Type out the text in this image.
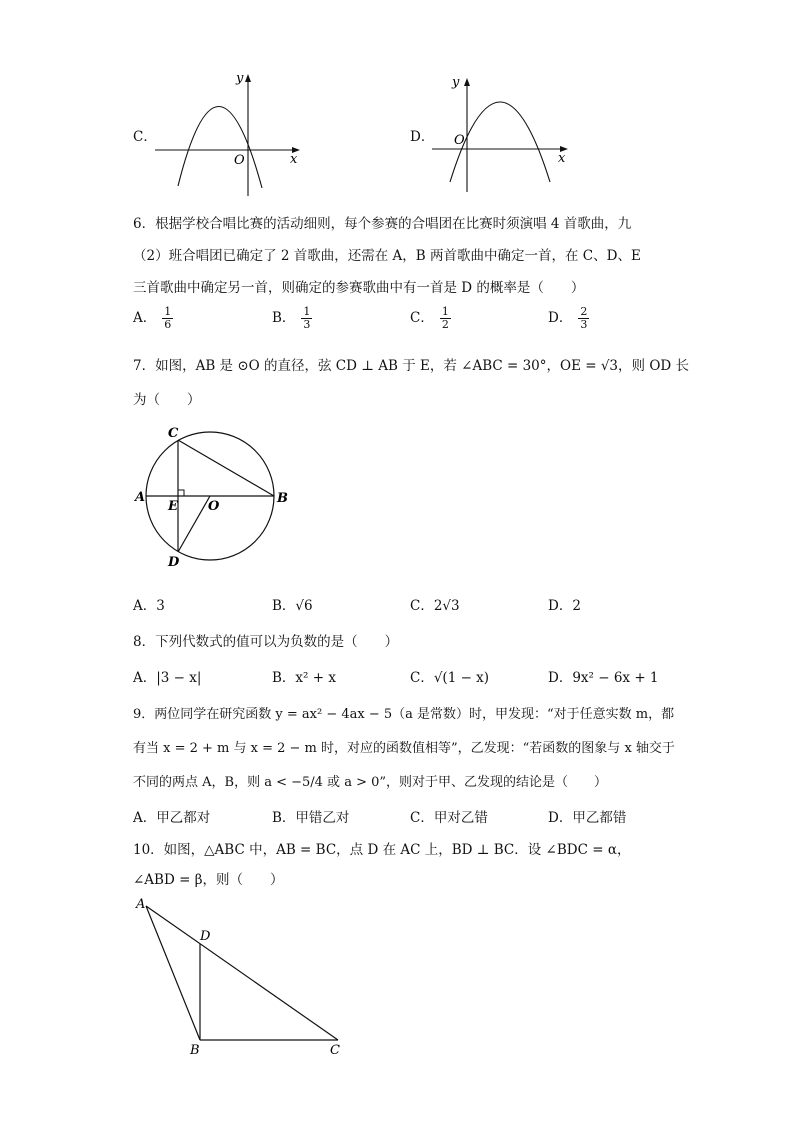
C．
y
x
O
D．
y
x
O
6．根据学校合唱比赛的活动细则，每个参赛的合唱团在比赛时须演唱 4 首歌曲，九
（2）班合唱团已确定了 2 首歌曲，还需在 A，B 两首歌曲中确定一首，在 C、D、E
三首歌曲中确定另一首，则确定的参赛歌曲中有一首是 D 的概率是（　　）
A． $\frac{1}{6}$	B． $\frac{1}{3}$	C． $\frac{1}{2}$	D． $\frac{2}{3}$
7．如图，AB 是 ⊙O 的直径，弦 CD ⊥ AB 于 E，若 ∠ABC = 30°，OE = √3，则 OD 长
为（　　）
C
A	B
E O
D
A．3	B．√6	C．2√3	D．2
8．下列代数式的值可以为负数的是（　　）
A．|3 − x|	B．x² + x	C．√(1 − x)	D．9x² − 6x + 1
9．两位同学在研究函数 y = ax² − 4ax − 5（a 是常数）时，甲发现：“对于任意实数 m，都
有当 x = 2 + m 与 x = 2 − m 时，对应的函数值相等”，乙发现：“若函数的图象与 x 轴交于
不同的两点 A，B，则 a < −5/4 或 a > 0”，则对于甲、乙发现的结论是（　　）
A．甲乙都对	B．甲错乙对	C．甲对乙错	D．甲乙都错
10．如图，△ABC 中，AB = BC，点 D 在 AC 上，BD ⊥ BC．设 ∠BDC = α，
∠ABD = β，则（　　）
A
D
B	C
